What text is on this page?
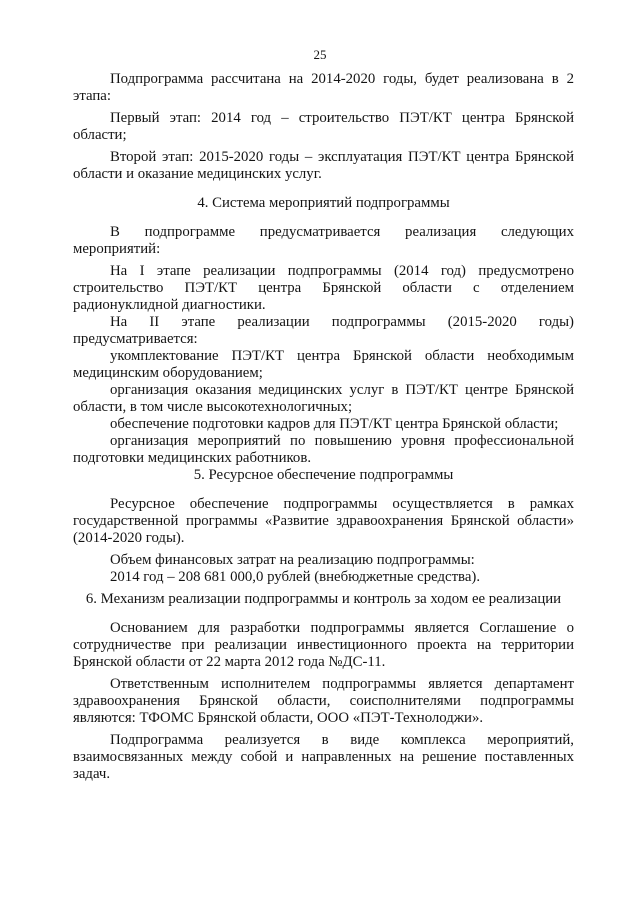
25

Подпрограмма рассчитана на 2014-2020 годы, будет реализована в 2 этапа:

Первый этап: 2014 год – строительство ПЭТ/КТ центра Брянской области;

Второй этап: 2015-2020 годы – эксплуатация ПЭТ/КТ центра Брянской области и оказание медицинских услуг.

4. Система мероприятий подпрограммы

В подпрограмме предусматривается реализация следующих мероприятий:

На I этапе реализации подпрограммы (2014 год) предусмотрено строительство ПЭТ/КТ центра Брянской области с отделением радионуклидной диагностики.

На II этапе реализации подпрограммы (2015-2020 годы) предусматривается:

укомплектование ПЭТ/КТ центра Брянской области необходимым медицинским оборудованием;

организация оказания медицинских услуг в ПЭТ/КТ центре Брянской области, в том числе высокотехнологичных;

обеспечение подготовки кадров для ПЭТ/КТ центра Брянской области;

организация мероприятий по повышению уровня профессиональной подготовки медицинских работников.

5. Ресурсное обеспечение подпрограммы

Ресурсное обеспечение подпрограммы осуществляется в рамках государственной программы «Развитие здравоохранения Брянской области» (2014-2020 годы).

Объем финансовых затрат на реализацию подпрограммы:

2014 год – 208 681 000,0 рублей (внебюджетные средства).

6. Механизм реализации подпрограммы и контроль за ходом ее реализации

Основанием для разработки подпрограммы является Соглашение о сотрудничестве при реализации инвестиционного проекта на территории Брянской области от 22 марта 2012 года №ДС-11.

Ответственным исполнителем подпрограммы является департамент здравоохранения Брянской области, соисполнителями подпрограммы являются: ТФОМС Брянской области, ООО «ПЭТ-Технолоджи».

Подпрограмма реализуется в виде комплекса мероприятий, взаимосвязанных между собой и направленных на решение поставленных задач.
